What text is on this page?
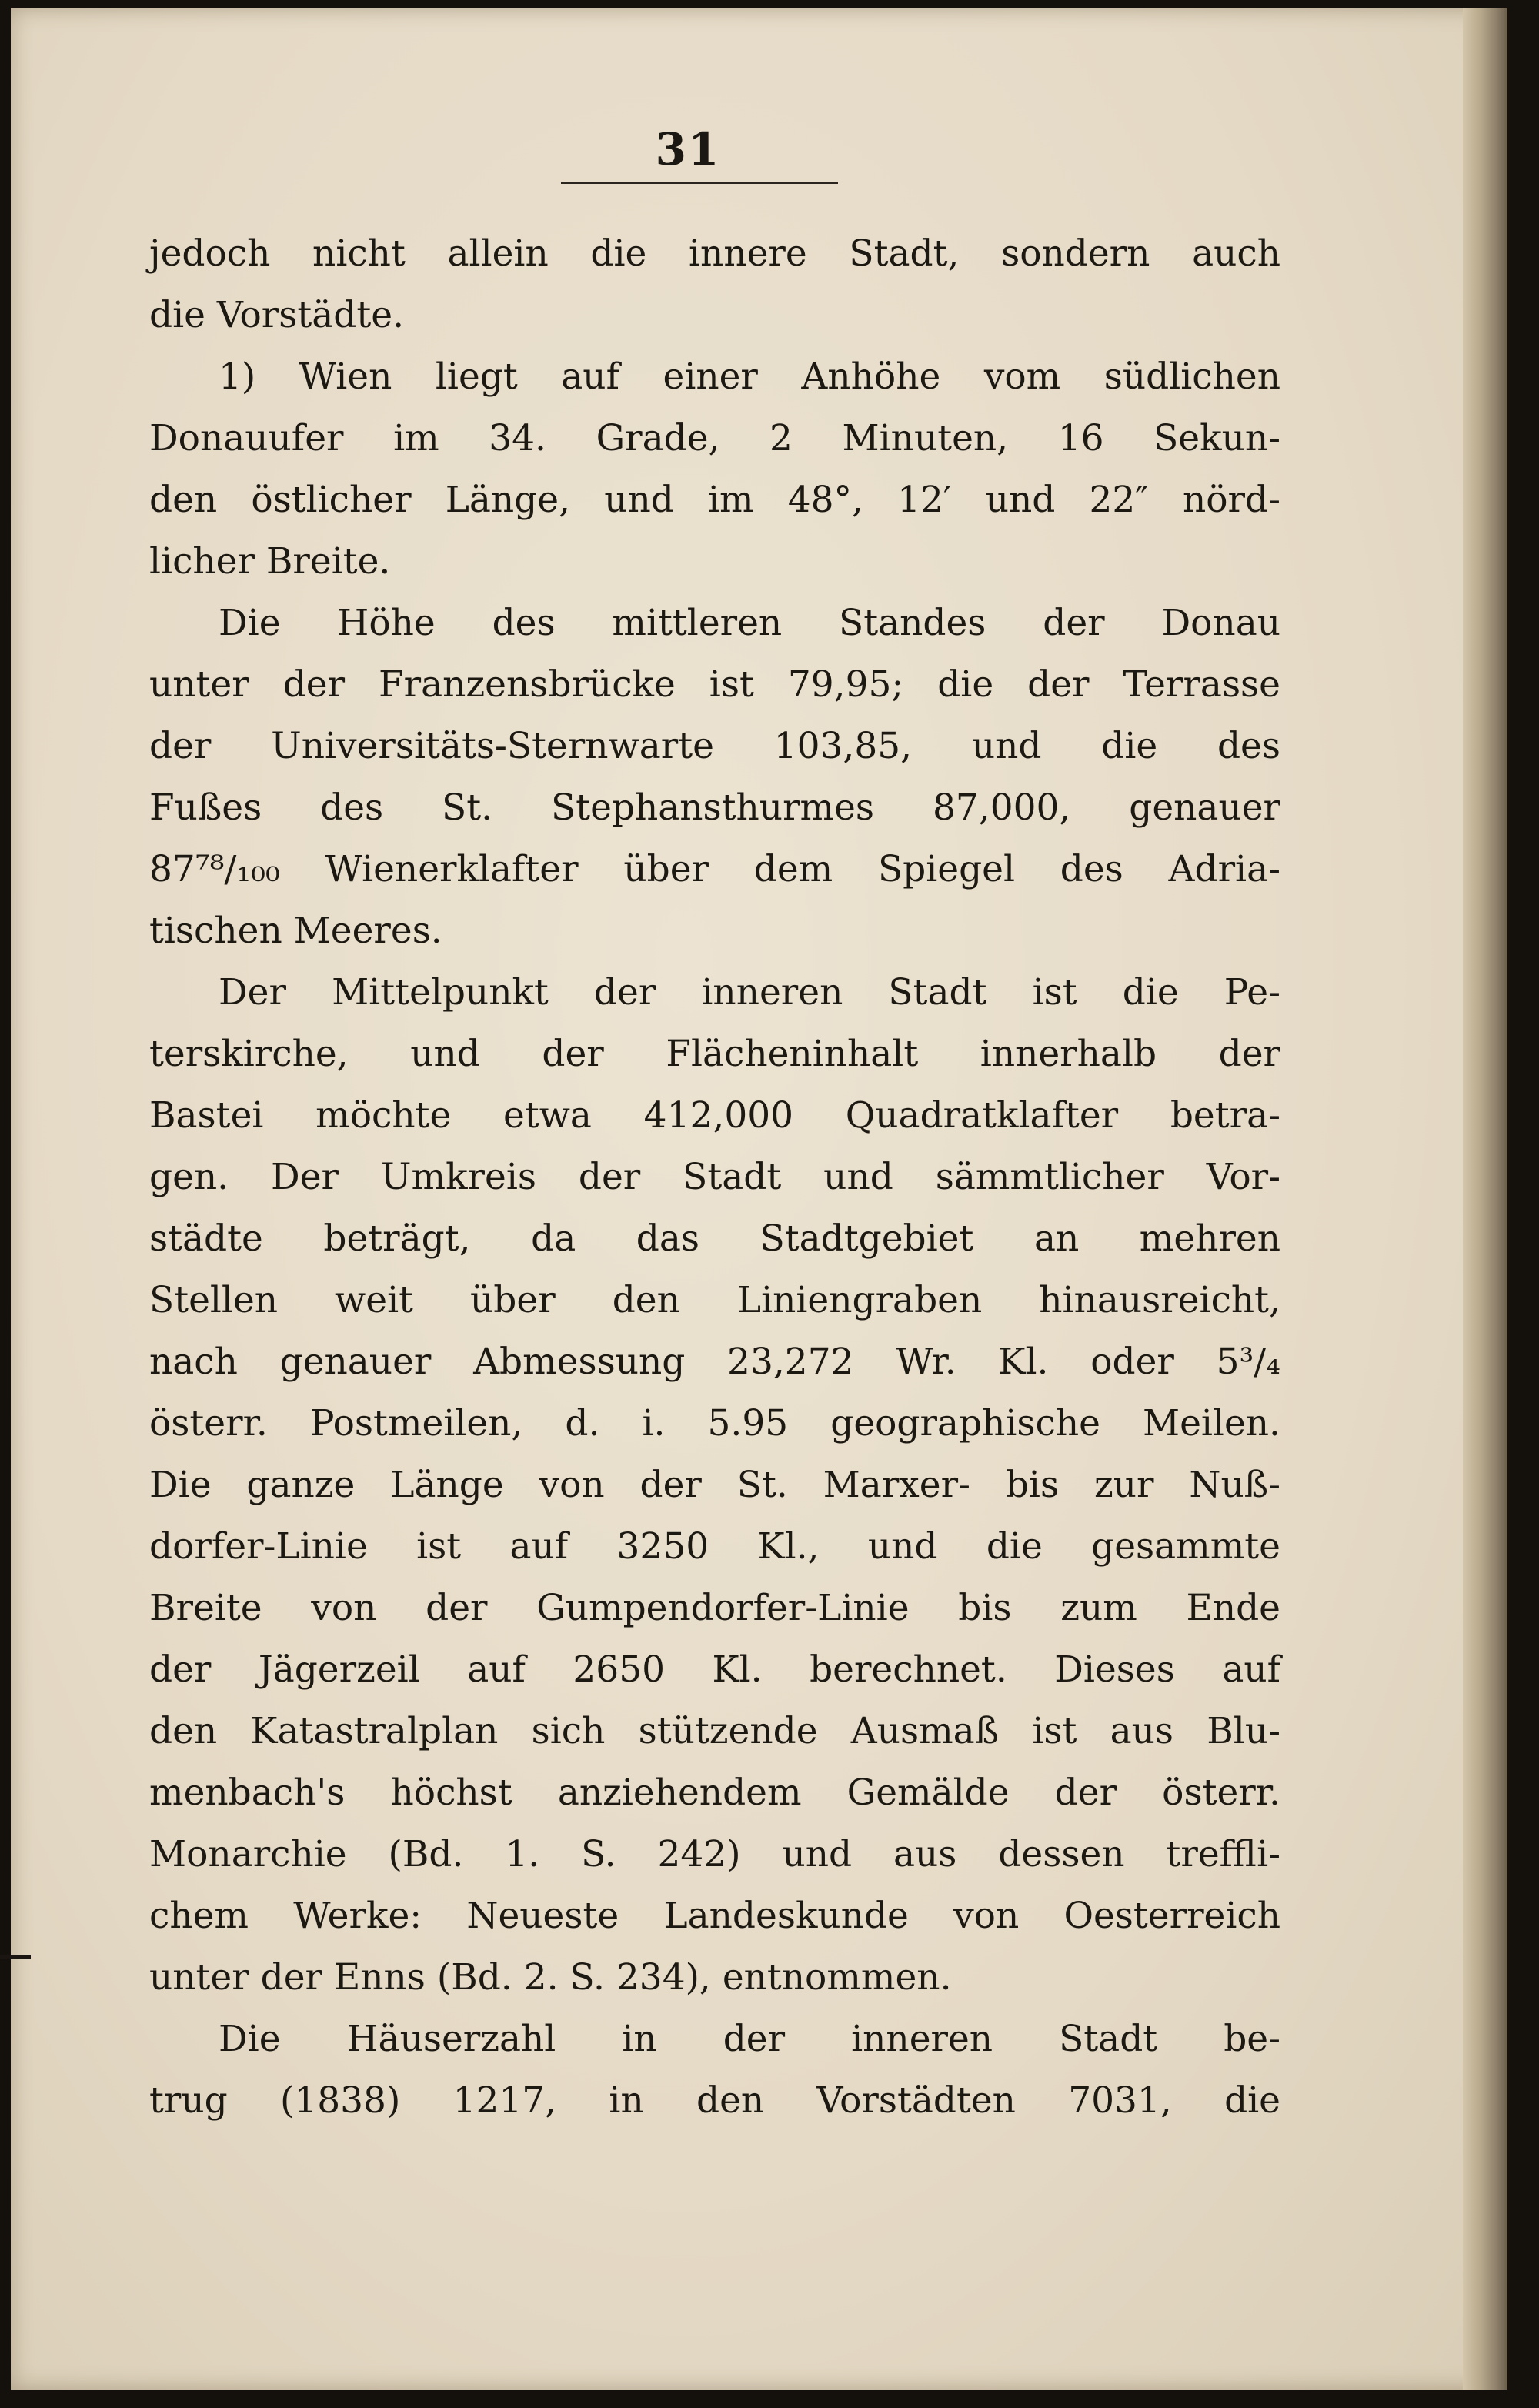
31
jedoch nicht allein die innere Stadt, sondern auch
die Vorstädte.
1) Wien liegt auf einer Anhöhe vom südlichen
Donauufer im 34. Grade, 2 Minuten, 16 Sekun-
den östlicher Länge, und im 48°, 12′ und 22″ nörd-
licher Breite.
Die Höhe des mittleren Standes der Donau
unter der Franzensbrücke ist 79,95; die der Terrasse
der Universitäts-Sternwarte 103,85, und die des
Fußes des St. Stephansthurmes 87,000, genauer
87⁷⁸/₁₀₀ Wienerklafter über dem Spiegel des Adria-
tischen Meeres.
Der Mittelpunkt der inneren Stadt ist die Pe-
terskirche, und der Flächeninhalt innerhalb der
Bastei möchte etwa 412,000 Quadratklafter betra-
gen. Der Umkreis der Stadt und sämmtlicher Vor-
städte beträgt, da das Stadtgebiet an mehren
Stellen weit über den Liniengraben hinausreicht,
nach genauer Abmessung 23,272 Wr. Kl. oder 5³/₄
österr. Postmeilen, d. i. 5.95 geographische Meilen.
Die ganze Länge von der St. Marxer- bis zur Nuß-
dorfer-Linie ist auf 3250 Kl., und die gesammte
Breite von der Gumpendorfer-Linie bis zum Ende
der Jägerzeil auf 2650 Kl. berechnet. Dieses auf
den Katastralplan sich stützende Ausmaß ist aus Blu-
menbach's höchst anziehendem Gemälde der österr.
Monarchie (Bd. 1. S. 242) und aus dessen treffli-
chem Werke: Neueste Landeskunde von Oesterreich
unter der Enns (Bd. 2. S. 234), entnommen.
Die Häuserzahl in der inneren Stadt be-
trug (1838) 1217, in den Vorstädten 7031, die
